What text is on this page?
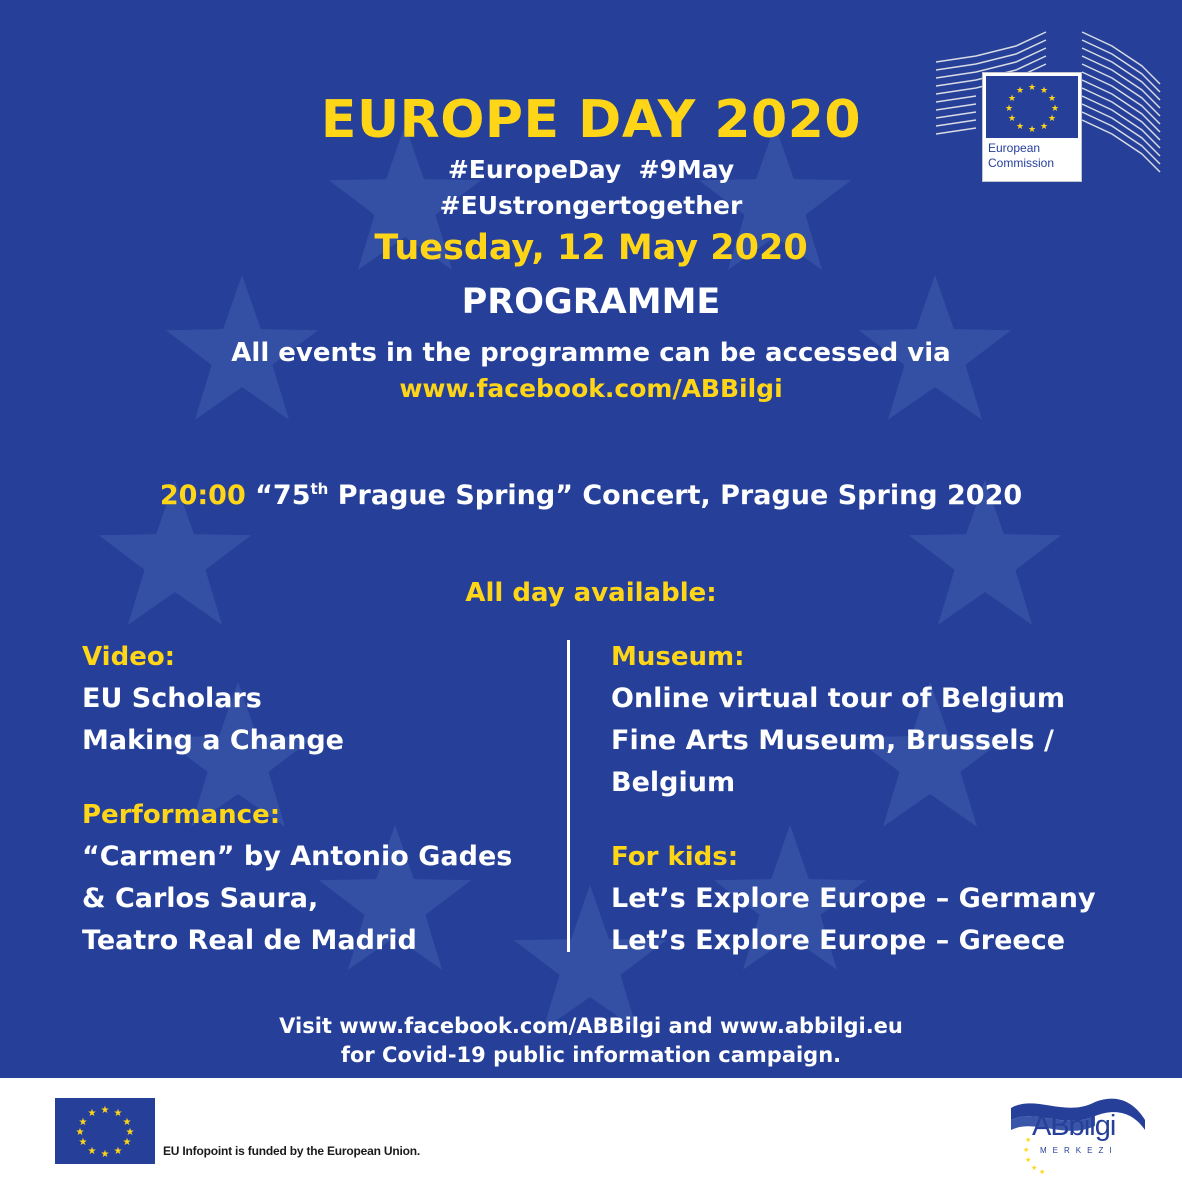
EUROPE DAY 2020
#EuropeDay  #9May
#EUstrongertogether
Tuesday, 12 May 2020
PROGRAMME
All events in the programme can be accessed via
www.facebook.com/ABBilgi
20:00 “75th Prague Spring” Concert, Prague Spring 2020
All day available:
Video:
EU Scholars
Making a Change
Performance:
“Carmen” by Antonio Gades
& Carlos Saura,
Teatro Real de Madrid
Museum:
Online virtual tour of Belgium
Fine Arts Museum, Brussels /
Belgium
For kids:
Let’s Explore Europe – Germany
Let’s Explore Europe – Greece
Visit www.facebook.com/ABBilgi and www.abbilgi.eu
for Covid-19 public information campaign.
★ ★
★
★
★
★
★
★
★
★
★
★
European
Commission
★ ★
★
★
★
★
★
★
★
★
★
★
EU Infopoint is funded by the European Union.
★
★
★
★ ★
ABbilgi
MERKEZI
